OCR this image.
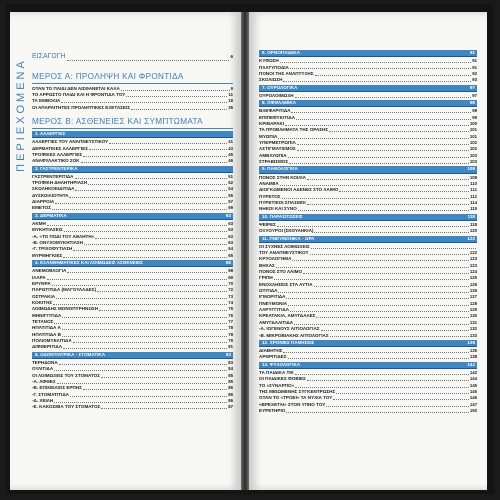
ΠΕΡΙΕΧΟΜΕΝΑ
ΕΙΣΑΓΩΓΗ	6
ΜΕΡΟΣ Α: ΠΡΟΛΗΨΗ ΚΑΙ ΦΡΟΝΤΙΔΑ
ΟΤΑΝ ΤΟ ΠΑΙΔΙ ΔΕΝ ΑΙΣΘΑΝΕΤΑΙ ΚΑΛΑ	9
ΤΟ ΑΡΡΩΣΤΟ ΠΑΙΔΙ ΚΑΙ Η ΦΡΟΝΤΙΔΑ ΤΟΥ	11
ΤΑ ΕΜΒΟΛΙΑ	18
ΟΙ ΑΠΑΡΑΙΤΗΤΕΣ ΠΡΟΛΗΠΤΙΚΕΣ ΕΞΕΤΑΣΕΙΣ	35
ΜΕΡΟΣ Β: ΑΣΘΕΝΕΙΕΣ ΚΑΙ ΣΥΜΠΤΩΜΑΤΑ
1. ΑΛΛΕΡΓΙΕΣ
ΑΛΛΕΡΓΙΕΣ ΤΟΥ ΑΝΑΠΝΕΥΣΤΙΚΟΥ	41
ΔΕΡΜΑΤΙΚΕΣ ΑΛΛΕΡΓΙΕΣ	43
ΤΡΟΦΙΚΕΣ ΑΛΛΕΡΓΙΕΣ	45
ΑΝΑΦΥΛΑΚΤΙΚΟ ΣΟΚ	46
2. ΓΑΣΤΡΕΝΤΕΡΙΚΑ
ΓΑΣΤΡΕΝΤΕΡΙΤΙΔΑ	51
ΤΡΟΦΙΚΗ ΔΗΛΗΤΗΡΙΑΣΗ	52
ΣΚΩΛΗΚΟΕΙΔΙΤΙΔΑ	54
ΔΥΣΚΟΙΛΙΟΤΗΤΑ	55
ΔΙΑΡΡΟΙΑ	57
ΕΜΕΤΟΣ	59
3. ΔΕΡΜΑΤΙΚΑ	63
ΑΚΜΗ	63
ΜΥΚΗΤΙΑΣΕΙΣ	63
-Α. «ΤΟ ΠΟΔΙ ΤΟΥ ΑΘΛΗΤΗ»	63
-Β. ΟΝΥΧΟΜΥΚΗΤΙΑΣΗ	63
-Γ. ΤΡΙΧΟΦΥΤΙΑΣΗ	64
ΜΥΡΜΗΓΚΙΕΣ	65
4. ΕΞΑΝΘΗΜΑΤΙΚΕΣ ΚΑΙ ΛΟΙΜΩΔΕΙΣ ΑΣΘΕΝΕΙΕΣ	68
ΑΝΕΜΟΒΛΟΓΙΑ	68
ΙΛΑΡΑ	69
ΕΡΥΘΡΑ	70
ΠΑΡΩΤΙΤΙΔΑ (ΜΑΓΟΥΛΑΔΕΣ)	72
ΟΣΤΡΑΚΙΑ	73
ΚΟΚΙΤΗΣ	74
ΛΟΙΜΩΔΗΣ ΜΟΝΟΠΥΡΗΝΩΣΗ	75
ΜΗΝΙΓΓΙΤΙΔΑ	76
ΤΕΤΑΝΟΣ	77
ΗΠΑΤΙΤΙΔΑ Α	78
ΗΠΑΤΙΤΙΔΑ Β	78
ΠΟΛΙΟΜΥΕΛΙΤΙΔΑ	79
ΔΙΦΘΕΡΙΤΙΔΑ	81
5. ΟΔΟΝΤΙΑΤΡΙΚΑ - ΣΤΟΜΑΤΙΚΑ	83
ΤΕΡΗΔΟΝΑ	83
ΟΥΛΙΤΙΔΑ	84
ΟΙ ΛΟΙΜΩΞΕΙΣ ΤΟΥ ΣΤΟΜΑΤΟΣ	85
-Α. ΑΦΘΕΣ	85
-Β. ΕΠΙΧΕΙΛΙΟΣ ΕΡΠΗΣ	86
-Γ. ΣΤΟΜΑΤΙΤΙΔΑ	86
-Δ. ΧΕΙΛΗ	86
-Ε. ΚΑΚΟΣΜΙΑ ΤΟΥ ΣΤΟΜΑΤΟΣ	87
6. ΟΡΘΟΠΑΙΔΙΚΑ	91
ΚΥΦΩΣΗ	91
ΠΛΑΤΥΠΟΔΙΑ	91
ΠΟΝΟΙ ΤΗΣ ΑΝΑΠΤΥΞΗΣ	92
ΣΚΟΛΙΩΣΗ	93
7. ΟΥΡΟΛΟΓΙΚΑ	97
ΟΥΡΟΛΟΙΜΩΞΗ	97
8. ΟΦΘΑΛΜΙΚΑ	98
ΒΛΕΦΑΡΙΤΙΔΑ	98
ΕΠΙΠΕΦΥΚΙΤΙΔΑ	99
ΚΡΙΘΑΡΑΚΙ	100
ΤΑ ΠΡΟΒΛΗΜΑΤΑ ΤΗΣ ΟΡΑΣΗΣ	101
ΜΥΩΠΙΑ	101
ΥΠΕΡΜΕΤΡΩΠΙΑ	102
ΑΣΤΙΓΜΑΤΙΣΜΟΣ	102
ΑΜΒΛΥΩΠΙΑ	103
ΣΤΡΑΒΙΣΜΟΣ	103
9. ΠΑΘΟΛΟΓΙΚΑ	108
ΠΟΝΟΣ ΣΤΗΝ ΚΟΙΛΙΑ	108
ΑΝΑΙΜΙΑ	110
ΔΙΟΓΚΩΜΕΝΟΙ ΑΔΕΝΕΣ ΣΤΟ ΛΑΙΜΟ	111
ΠΥΡΕΤΟΣ	112
ΠΥΡΕΤΙΚΟΙ ΣΠΑΣΜΟΙ	114
ΝΗΚΟΙ ΚΑΙ ΣΥΝΟ	115
10. ΠΑΡΑΣΙΤΩΣΕΙΣ	118
ΨΕΙΡΕΣ	118
ΟΞΥΟΥΡΟΙ (ΣΚΟΥΛΗΚΙΑ)	120
11. ΠΝΕΥΜΟΝΙΚΑ - ΩΡΛ	122
ΟΙ ΣΥΧΝΕΣ ΛΟΙΜΩΞΕΙΣ
ΤΟΥ ΑΝΑΠΝΕΥΣΤΙΚΟΥ	122
ΚΡΥΟΛΟΓΗΜΑ	123
ΒΗΧΑΣ	123
ΠΟΝΟΣ ΣΤΟ ΛΑΙΜΟ	124
ΓΡΙΠΗ	125
ΕΝΟΧΛΗΣΕΙΣ ΣΤΑ ΑΥΤΙΑ	126
ΩΤΙΤΙΔΑ	126
ΙΓΜΟΡΙΤΙΔΑ	127
ΠΝΕΥΜΟΝΙΑ	128
ΛΑΡΥΓΓΙΤΙΔΑ	129
ΚΡΕΑΤΑΚΙΑ, ΑΜΥΓΔΑΛΕΣ	130
ΑΜΥΓΔΑΛΙΤΙΔΑ	131
-Α. ΙΟΓΕΝΟΥΣ ΑΙΤΙΟΛΟΓΙΑΣ	132
-Β. ΜΙΚΡΟΒΙΑΚΗΣ ΑΙΤΙΟΛΟΓΙΑΣ	133
12. ΧΡΟΝΙΕΣ ΠΑΘΗΣΕΙΣ	135
ΔΙΑΒΗΤΗΣ	135
ΑΡΘΡΙΤΙΔΕΣ	138
13. ΨΥΧΟΛΟΓΙΚΑ	142
ΤΑ ΠΑΙΔΙΚΑ ΤΙΚ	142
ΟΙ ΠΑΙΔΙΚΕΣ ΦΟΒΙΕΣ	144
ΤΟ «ΣΥΝΑΡΠΟ»	145
ΤΗΣ ΜΕΙΩΜΕΝΗΣ ΣΥΓΚΕΝΤΡΩΣΗΣ	145
ΟΤΑΝ ΤΟ «ΤΡΟΕΙ» ΤΑ ΝΥΧΙΑ ΤΟΥ	146
«ΒΡΕΧΕΤΑΙ» ΣΤΟΝ ΥΠΝΟ ΤΟΥ	147
ΕΥΡΕΤΗΡΙΟ	150
